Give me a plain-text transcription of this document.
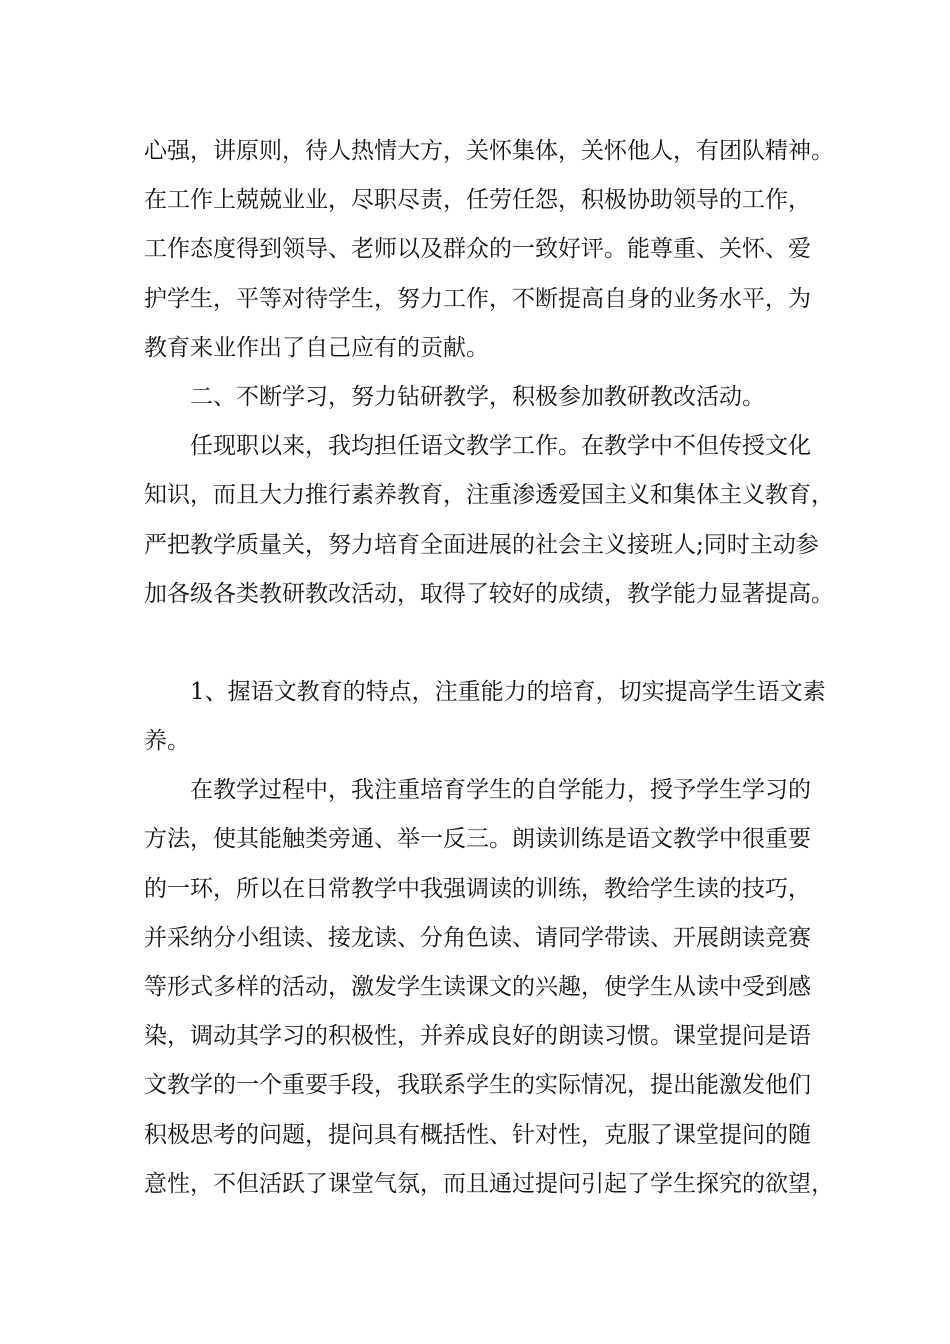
心强，讲原则，待人热情大方，关怀集体，关怀他人，有团队精神。
在工作上兢兢业业，尽职尽责，任劳任怨，积极协助领导的工作，
工作态度得到领导、老师以及群众的一致好评。能尊重、关怀、爱
护学生，平等对待学生，努力工作，不断提高自身的业务水平，为
教育来业作出了自己应有的贡献。
二、不断学习，努力钻研教学，积极参加教研教改活动。
任现职以来，我均担任语文教学工作。在教学中不但传授文化
知识，而且大力推行素养教育，注重渗透爱国主义和集体主义教育，
严把教学质量关，努力培育全面进展的社会主义接班人;同时主动参
加各级各类教研教改活动，取得了较好的成绩，教学能力显著提高。
1、握语文教育的特点，注重能力的培育，切实提高学生语文素
养。
在教学过程中，我注重培育学生的自学能力，授予学生学习的
方法，使其能触类旁通、举一反三。朗读训练是语文教学中很重要
的一环，所以在日常教学中我强调读的训练，教给学生读的技巧，
并采纳分小组读、接龙读、分角色读、请同学带读、开展朗读竞赛
等形式多样的活动，激发学生读课文的兴趣，使学生从读中受到感
染，调动其学习的积极性，并养成良好的朗读习惯。课堂提问是语
文教学的一个重要手段，我联系学生的实际情况，提出能激发他们
积极思考的问题，提问具有概括性、针对性，克服了课堂提问的随
意性，不但活跃了课堂气氛，而且通过提问引起了学生探究的欲望，
